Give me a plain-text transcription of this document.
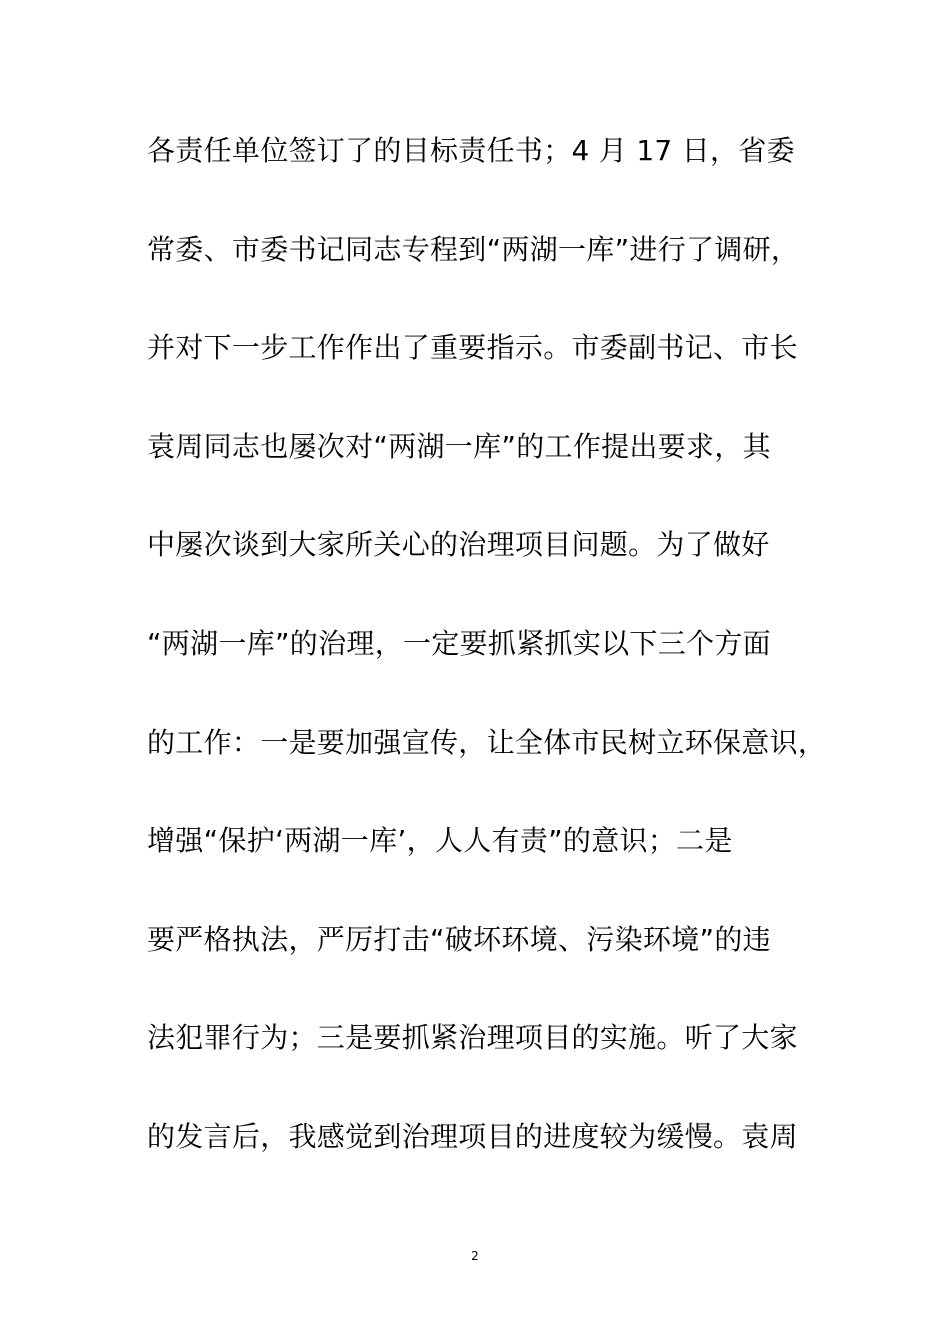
各责任单位签订了的目标责任书；4 月 17 日，省委
常委、市委书记同志专程到“两湖一库”进行了调研，
并对下一步工作作出了重要指示。市委副书记、市长
袁周同志也屡次对“两湖一库”的工作提出要求，其
中屡次谈到大家所关心的治理项目问题。为了做好
“两湖一库”的治理，一定要抓紧抓实以下三个方面
的工作：一是要加强宣传，让全体市民树立环保意识，
增强“保护‘两湖一库’，人人有责”的意识；二是
要严格执法，严厉打击“破坏环境、污染环境”的违
法犯罪行为；三是要抓紧治理项目的实施。听了大家
的发言后，我感觉到治理项目的进度较为缓慢。袁周
2
